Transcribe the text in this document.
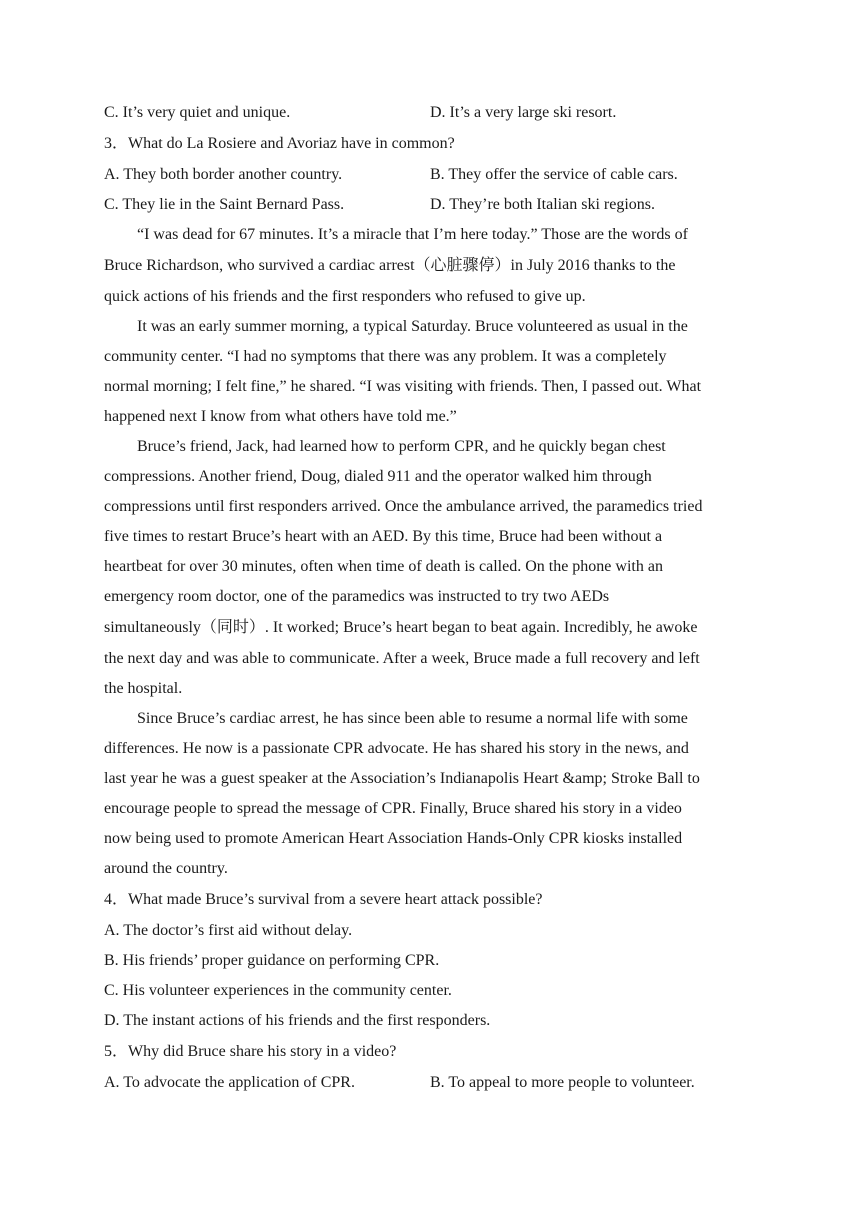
C. It’s very quiet and unique.	D. It’s a very large ski resort.
3．What do La Rosiere and Avoriaz have in common?
A. They both border another country.	B. They offer the service of cable cars.
C. They lie in the Saint Bernard Pass.	D. They’re both Italian ski regions.
“I was dead for 67 minutes. It’s a miracle that I’m here today.” Those are the words of
Bruce Richardson, who survived a cardiac arrest（心脏骤停）in July 2016 thanks to the
quick actions of his friends and the first responders who refused to give up.
It was an early summer morning, a typical Saturday. Bruce volunteered as usual in the
community center. “I had no symptoms that there was any problem. It was a completely
normal morning; I felt fine,” he shared. “I was visiting with friends. Then, I passed out. What
happened next I know from what others have told me.”
Bruce’s friend, Jack, had learned how to perform CPR, and he quickly began chest
compressions. Another friend, Doug, dialed 911 and the operator walked him through
compressions until first responders arrived. Once the ambulance arrived, the paramedics tried
five times to restart Bruce’s heart with an AED. By this time, Bruce had been without a
heartbeat for over 30 minutes, often when time of death is called. On the phone with an
emergency room doctor, one of the paramedics was instructed to try two AEDs
simultaneously（同时）. It worked; Bruce’s heart began to beat again. Incredibly, he awoke
the next day and was able to communicate. After a week, Bruce made a full recovery and left
the hospital.
Since Bruce’s cardiac arrest, he has since been able to resume a normal life with some
differences. He now is a passionate CPR advocate. He has shared his story in the news, and
last year he was a guest speaker at the Association’s Indianapolis Heart &amp; Stroke Ball to
encourage people to spread the message of CPR. Finally, Bruce shared his story in a video
now being used to promote American Heart Association Hands-Only CPR kiosks installed
around the country.
4．What made Bruce’s survival from a severe heart attack possible?
A. The doctor’s first aid without delay.
B. His friends’ proper guidance on performing CPR.
C. His volunteer experiences in the community center.
D. The instant actions of his friends and the first responders.
5．Why did Bruce share his story in a video?
A. To advocate the application of CPR.	B. To appeal to more people to volunteer.
